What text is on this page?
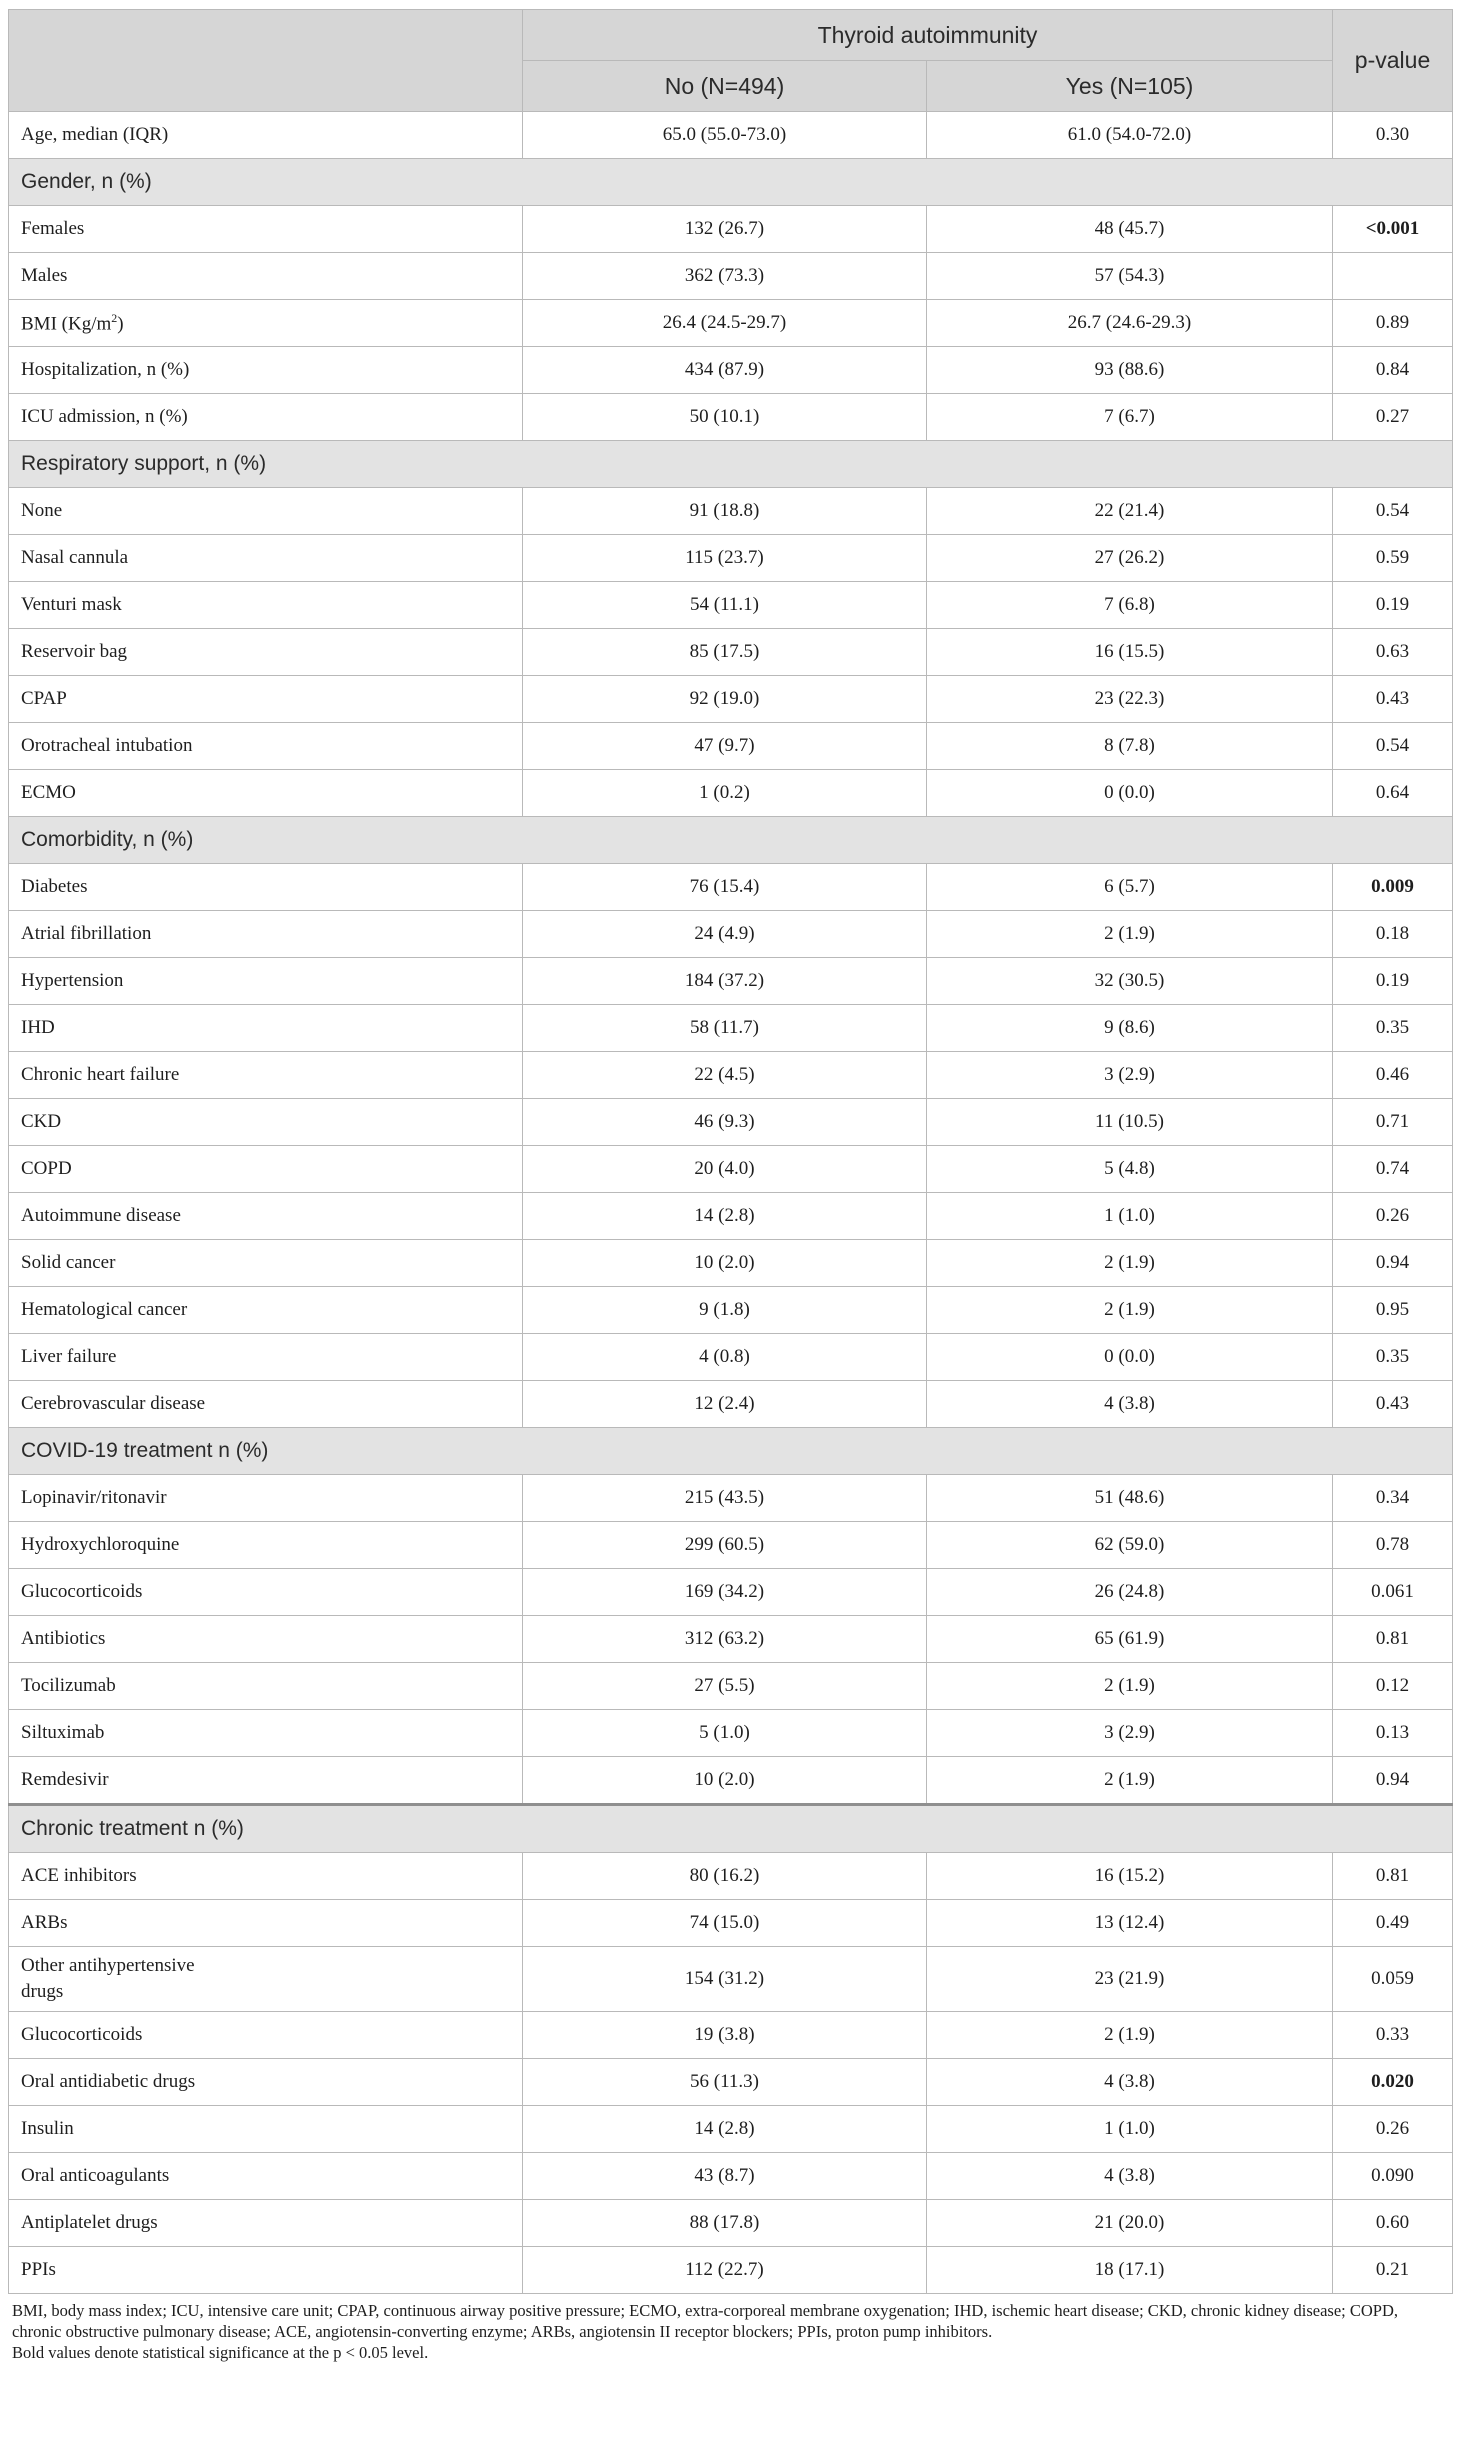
	Thyroid autoimmunity		p-value
	No (N=494)	Yes (N=105)	
Age, median (IQR)	65.0 (55.0-73.0)	61.0 (54.0-72.0)	0.30
Gender, n (%)			
Females	132 (26.7)	48 (45.7)	<0.001
Males	362 (73.3)	57 (54.3)	
BMI $(Kg/m^2)$	26.4 (24.5-29.7)	26.7 (24.6-29.3)	0.89
Hospitalization, n (%)	434 (87.9)	93 (88.6)	0.84
ICU admission, n (%)	50 (10.1)	7 (6.7)	0.27
Respiratory support, n (%)			
None	91 (18.8)	22 (21.4)	0.54
Nasal cannula	115 (23.7)	27 (26.2)	0.59
Venturi mask	54 (11.1)	7 (6.8)	0.19
Reservoir bag	85 (17.5)	16 (15.5)	0.63
CPAP	92 (19.0)	23 (22.3)	0.43
Orotracheal intubation	47 (9.7)	8 (7.8)	0.54
ECMO	1 (0.2)	0 (0.0)	0.64
Comorbidity, n (%)			
Diabetes	76 (15.4)	6 (5.7)	0.009
Atrial fibrillation	24 (4.9)	2 (1.9)	0.18
Hypertension	184 (37.2)	32 (30.5)	0.19
IHD	58 (11.7)	9 (8.6)	0.35
Chronic heart failure	22 (4.5)	3 (2.9)	0.46
CKD	46 (9.3)	11 (10.5)	0.71
COPD	20 (4.0)	5 (4.8)	0.74
Autoimmune disease	14 (2.8)	1 (1.0)	0.26
Solid cancer	10 (2.0)	2 (1.9)	0.94
Hematological cancer	9 (1.8)	2 (1.9)	0.95
Liver failure	4 (0.8)	0 (0.0)	0.35
Cerebrovascular disease	12 (2.4)	4 (3.8)	0.43
COVID-19 treatment n (%)			
Lopinavir/ritonavir	215 (43.5)	51 (48.6)	0.34
Hydroxychloroquine	299 (60.5)	62 (59.0)	0.78
Glucocorticoids	169 (34.2)	26 (24.8)	0.061
Antibiotics	312 (63.2)	65 (61.9)	0.81
Tocilizumab	27 (5.5)	2 (1.9)	0.12
Siltuximab	5 (1.0)	3 (2.9)	0.13
Remdesivir	10 (2.0)	2 (1.9)	0.94
Chronic treatment n (%)			
ACE inhibitors	80 (16.2)	16 (15.2)	0.81
ARBs	74 (15.0)	13 (12.4)	0.49

Other antihypertensive
drugs	154 (31.2)	23 (21.9)	0.059
Glucocorticoids	19 (3.8)	2 (1.9)	0.33
Oral antidiabetic drugs	56 (11.3)	4 (3.8)	0.020
Insulin	14 (2.8)	1 (1.0)	0.26
Oral anticoagulants	43 (8.7)	4 (3.8)	0.090
Antiplatelet drugs	88 (17.8)	21 (20.0)	0.60
PPIs	112 (22.7)	18 (17.1)	0.21
BMI, body mass index; ICU, intensive care unit; CPAP, continuous airway positive pressure; ECMO, extra-corporeal membrane oxygenation; IHD, ischemic heart disease; CKD, chronic kidney disease; COPD, chronic obstructive pulmonary disease; ACE, angiotensin-converting enzyme; ARBs, angiotensin II receptor blockers; PPIs, proton pump inhibitors.
Bold values denote statistical significance at the p < 0.05 level.
